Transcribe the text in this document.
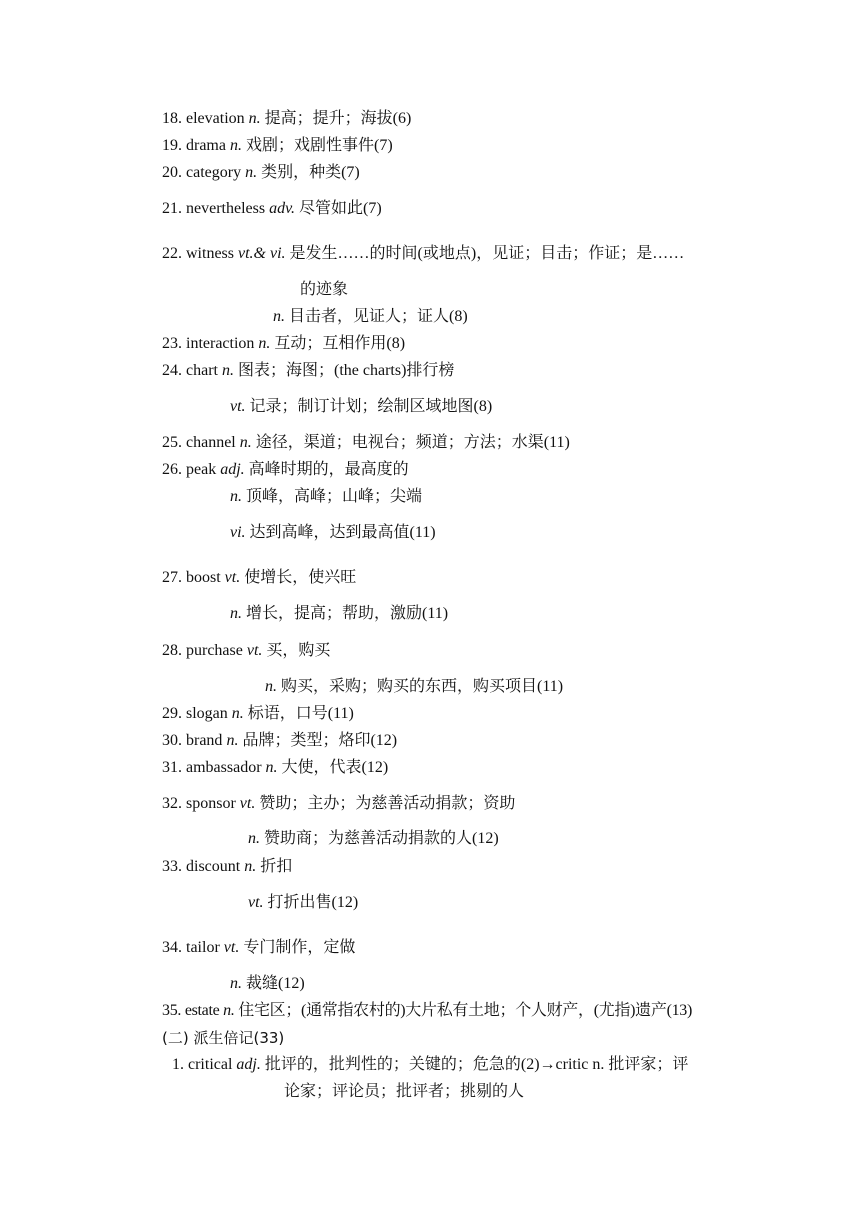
18. elevation n. 提高；提升；海拔(6)
19. drama n. 戏剧；戏剧性事件(7)
20. category n. 类别，种类(7)
21. nevertheless adv. 尽管如此(7)
22. witness vt.& vi. 是发生……的时间(或地点)，见证；目击；作证；是……
的迹象
n. 目击者，见证人；证人(8)
23. interaction n. 互动；互相作用(8)
24. chart n. 图表；海图；(the charts)排行榜
vt. 记录；制订计划；绘制区域地图(8)
25. channel n. 途径，渠道；电视台；频道；方法；水渠(11)
26. peak adj. 高峰时期的，最高度的
n. 顶峰，高峰；山峰；尖端
vi. 达到高峰，达到最高值(11)
27. boost vt. 使增长，使兴旺
n. 增长，提高；帮助，激励(11)
28. purchase vt. 买，购买
n. 购买，采购；购买的东西，购买项目(11)
29. slogan n. 标语，口号(11)
30. brand n. 品牌；类型；烙印(12)
31. ambassador n. 大使，代表(12)
32. sponsor vt. 赞助；主办；为慈善活动捐款；资助
n. 赞助商；为慈善活动捐款的人(12)
33. discount n. 折扣
vt. 打折出售(12)
34. tailor vt. 专门制作，定做
n. 裁缝(12)
35. estate n. 住宅区；(通常指农村的)大片私有土地；个人财产，(尤指)遗产(13)
(二) 派生倍记(33)
1. critical adj. 批评的，批判性的；关键的；危急的(2)→critic n. 批评家；评
论家；评论员；批评者；挑剔的人
